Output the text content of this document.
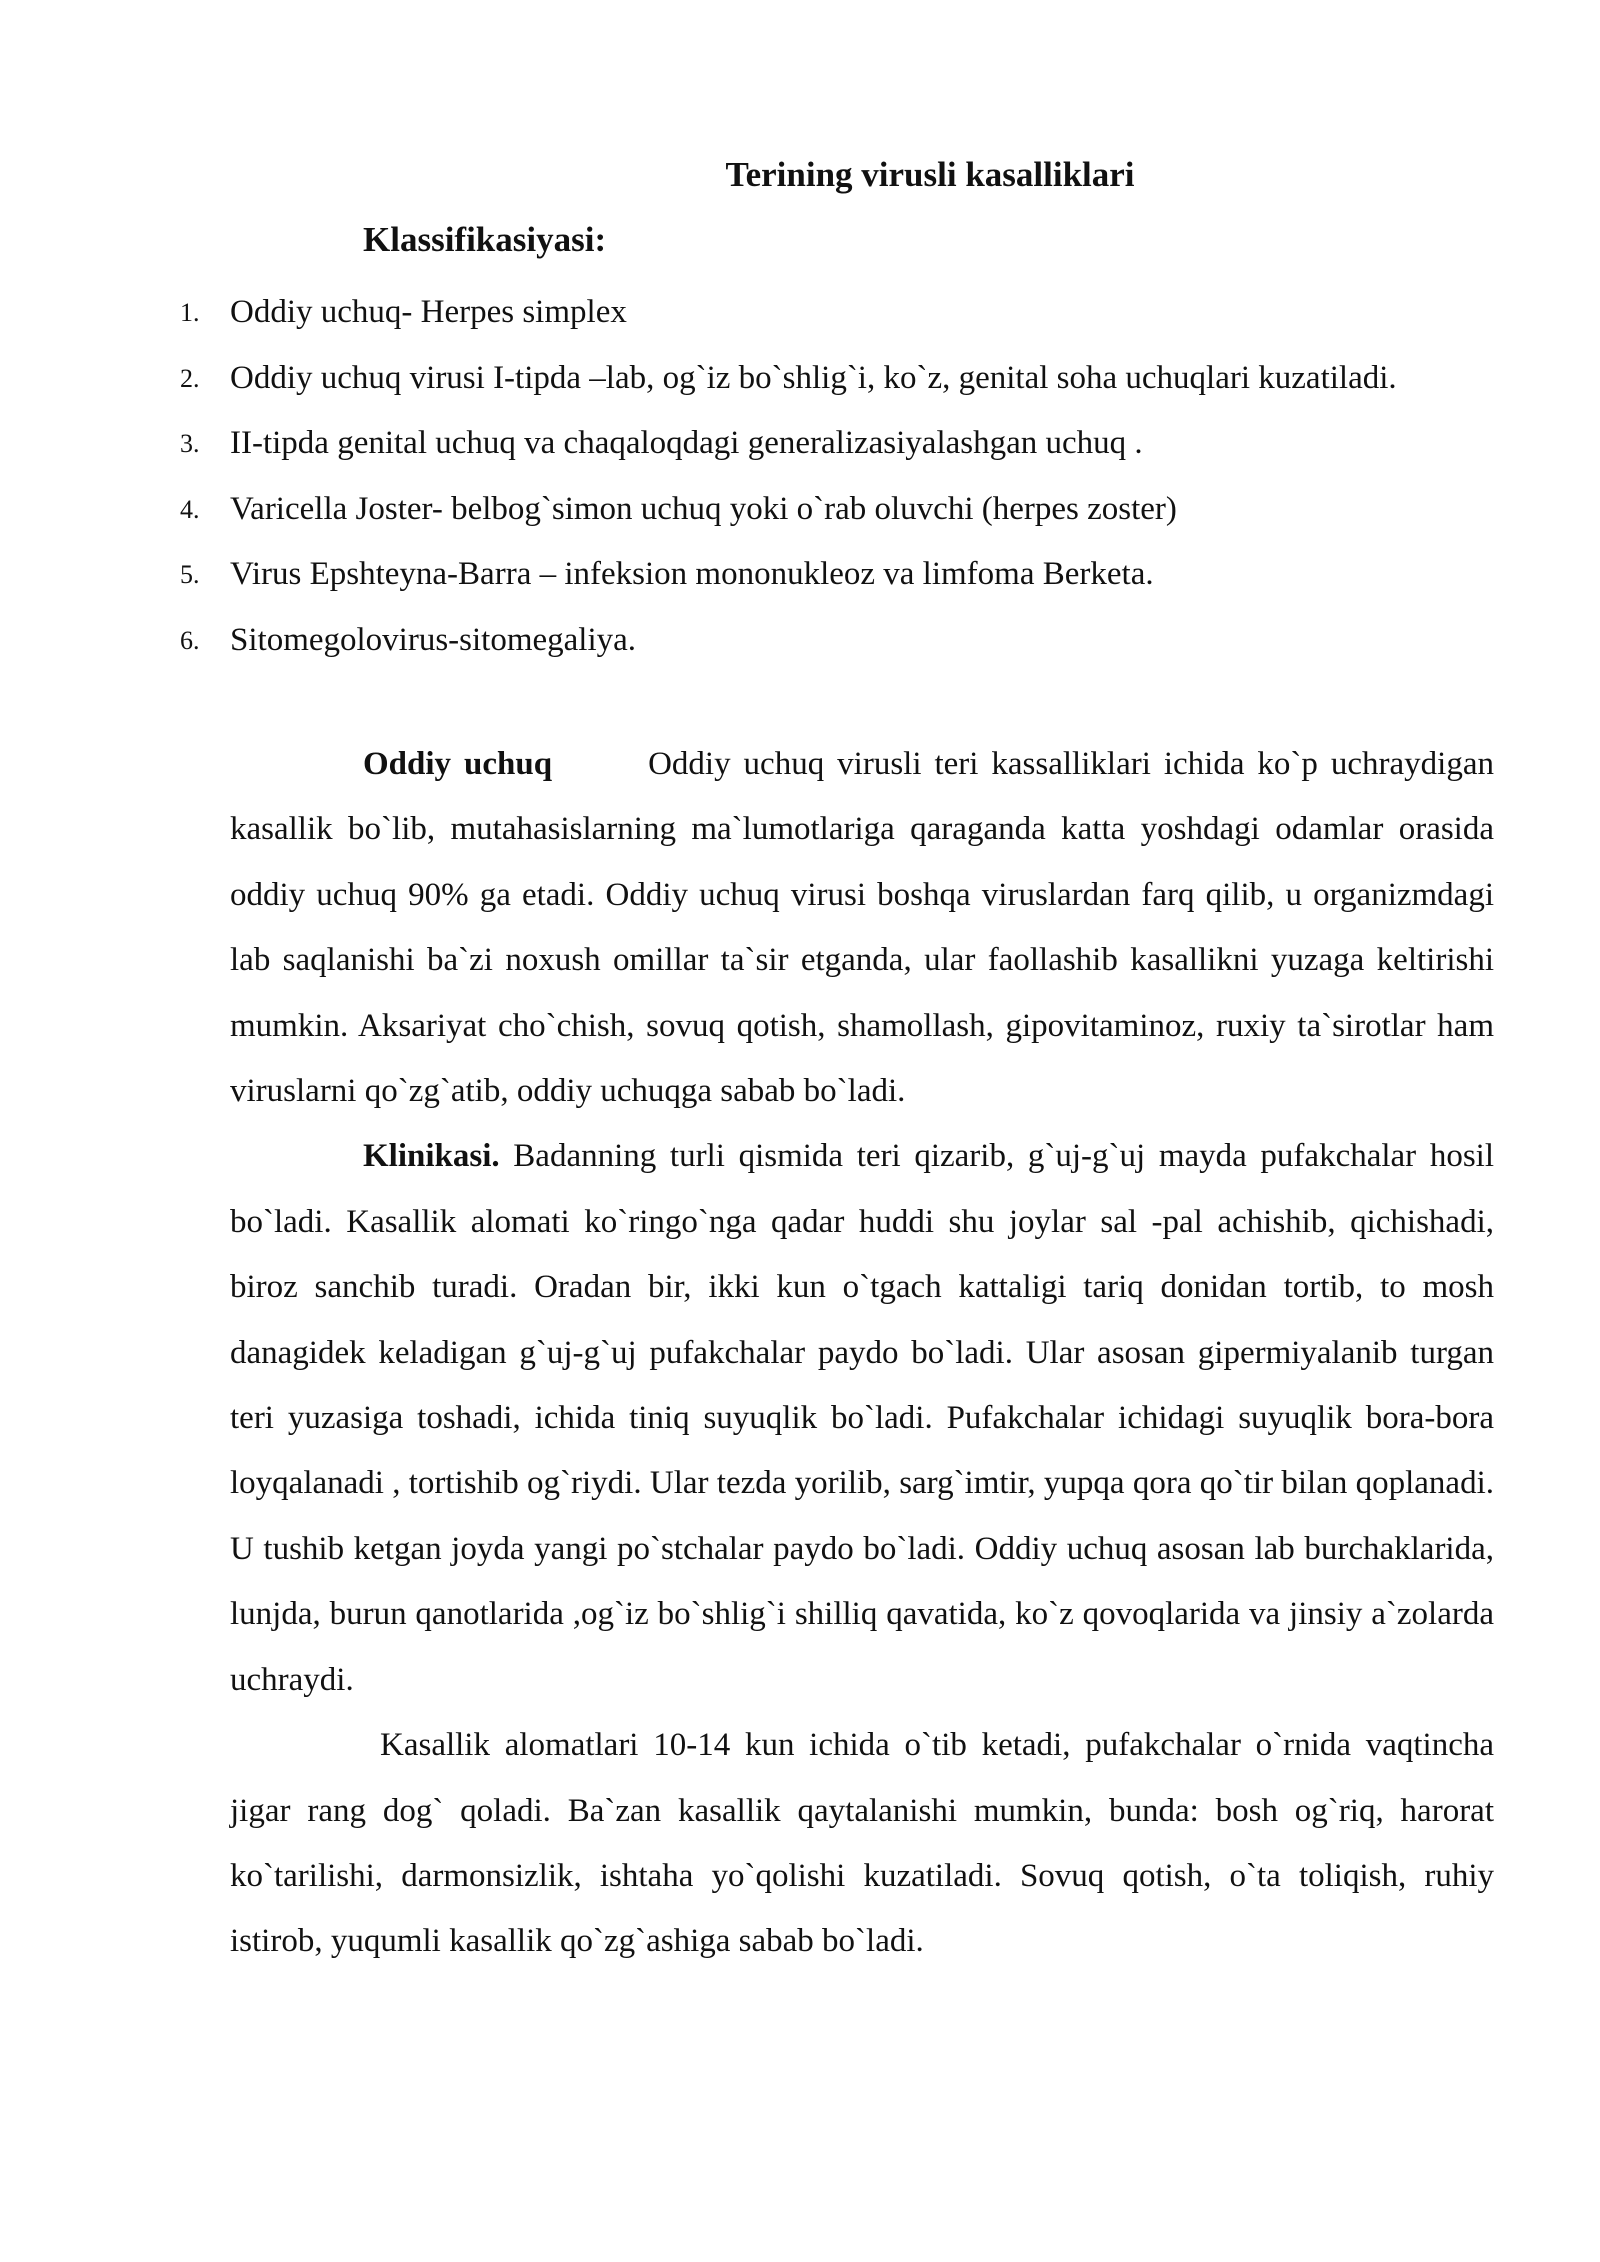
Terining virusli kasalliklari
Klassifikasiyasi:
1. Oddiy uchuq- Herpes simplex
2. Oddiy uchuq virusi I-tipda –lab, og`iz bo`shlig`i, ko`z, genital soha uchuqlari kuzatiladi.
3. II-tipda genital uchuq va chaqaloqdagi generalizasiyalashgan uchuq .
4. Varicella Joster- belbog`simon uchuq yoki o`rab oluvchi (herpes zoster)
5. Virus Epshteyna-Barra – infeksion mononukleoz va limfoma Berketa.
6. Sitomegolovirus-sitomegaliya.

Oddiy uchuq	Oddiy uchuq virusli teri kassalliklari ichida ko`p uchraydigan kasallik bo`lib, mutahasislarning ma`lumotlariga qaraganda katta yoshdagi odamlar orasida oddiy uchuq 90% ga etadi. Oddiy uchuq virusi boshqa viruslardan farq qilib, u organizmdagi lab saqlanishi ba`zi noxush omillar ta`sir etganda, ular faollashib kasallikni yuzaga keltirishi mumkin. Aksariyat cho`chish, sovuq qotish, shamollash, gipovitaminoz, ruxiy ta`sirotlar ham viruslarni qo`zg`atib, oddiy uchuqga sabab bo`ladi.

Klinikasi. Badanning turli qismida teri qizarib, g`uj-g`uj mayda pufakchalar hosil bo`ladi. Kasallik alomati ko`ringo`nga qadar huddi shu joylar sal -pal achishib, qichishadi, biroz sanchib turadi. Oradan bir, ikki kun o`tgach kattaligi tariq donidan tortib, to mosh danagidek keladigan g`uj-g`uj pufakchalar paydo bo`ladi. Ular asosan gipermiyalanib turgan teri yuzasiga toshadi, ichida tiniq suyuqlik bo`ladi. Pufakchalar ichidagi suyuqlik bora-bora loyqalanadi , tortishib og`riydi. Ular tezda yorilib, sarg`imtir, yupqa qora qo`tir bilan qoplanadi. U tushib ketgan joyda yangi po`stchalar paydo bo`ladi. Oddiy uchuq asosan lab burchaklarida, lunjda, burun qanotlarida ,og`iz bo`shlig`i shilliq qavatida, ko`z qovoqlarida va jinsiy a`zolarda uchraydi.

Kasallik alomatlari 10-14 kun ichida o`tib ketadi, pufakchalar o`rnida vaqtincha jigar rang dog` qoladi. Ba`zan kasallik qaytalanishi mumkin, bunda: bosh og`riq, harorat ko`tarilishi, darmonsizlik, ishtaha yo`qolishi kuzatiladi. Sovuq qotish, o`ta toliqish, ruhiy istirob, yuqumli kasallik qo`zg`ashiga sabab bo`ladi.
